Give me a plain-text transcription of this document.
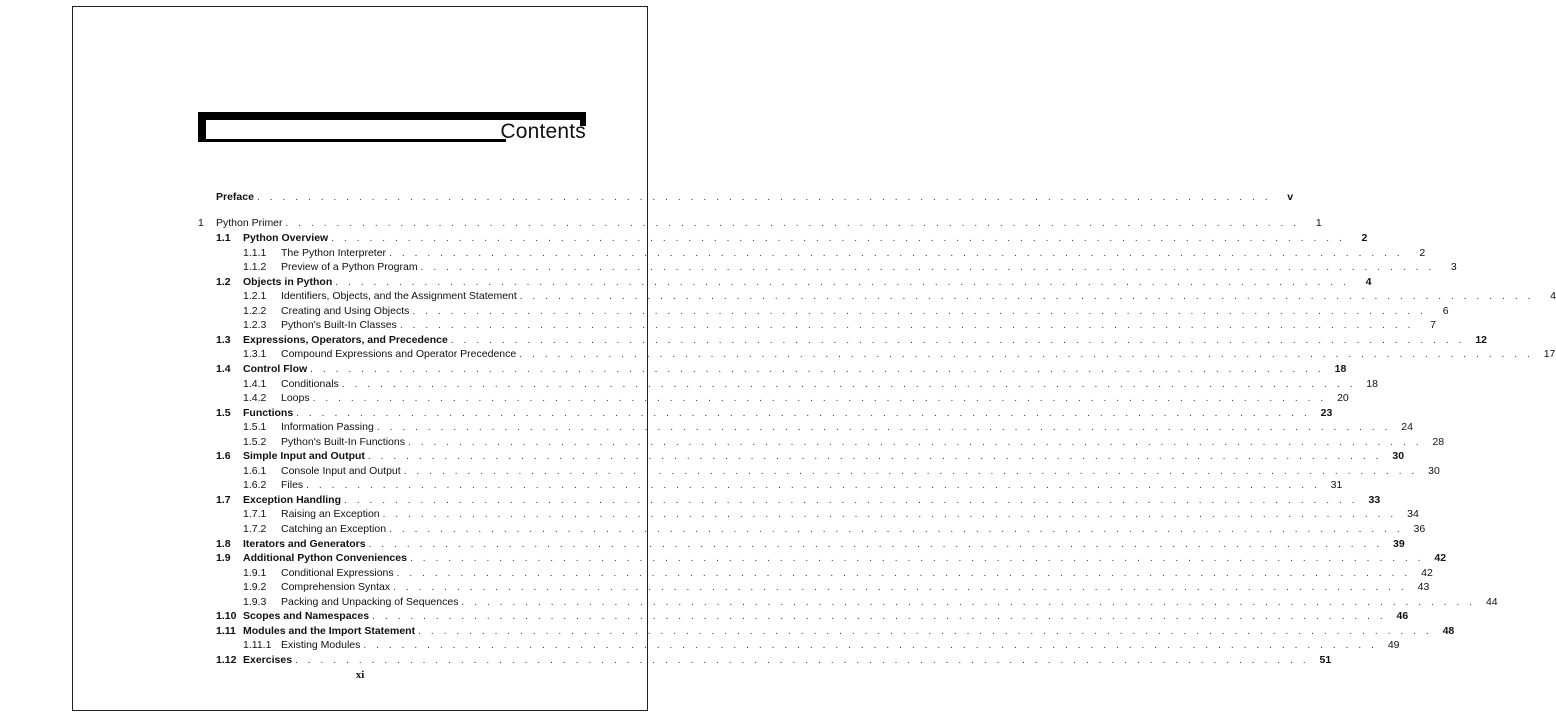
Contents
Preface . . . . . . . . . . . . . . . . . . . . . . . . . . . . . . . . . . . . . . . . . . . . . . . . . . . . . . . . . . . . . . . . . . . . . . . . . . . . . . . .	v
1 Python Primer . . . . . . . . . . . . . . . . . . . . . . . . . . . . . . . . . . . . . . . . . . . . . . . . . . . . . . . . . . . . . . . . . . . . . . . . . . . . . . . .	1
1.1 Python Overview . . . . . . . . . . . . . . . . . . . . . . . . . . . . . . . . . . . . . . . . . . . . . . . . . . . . . . . . . . . . . . . . . . . . . . . . . . . . . . . .	2
1.1.1 The Python Interpreter . . . . . . . . . . . . . . . . . . . . . . . . . . . . . . . . . . . . . . . . . . . . . . . . . . . . . . . . . . . . . . . . . . . . . . . . . . . . . . . .	2
1.1.2 Preview of a Python Program . . . . . . . . . . . . . . . . . . . . . . . . . . . . . . . . . . . . . . . . . . . . . . . . . . . . . . . . . . . . . . . . . . . . . . . . . . . . . . . .	3
1.2 Objects in Python . . . . . . . . . . . . . . . . . . . . . . . . . . . . . . . . . . . . . . . . . . . . . . . . . . . . . . . . . . . . . . . . . . . . . . . . . . . . . . . .	4
1.2.1 Identifiers, Objects, and the Assignment Statement . . . . . . . . . . . . . . . . . . . . . . . . . . . . . . . . . . . . . . . . . . . . . . . . . . . . . . . . . . . . . . . . . . . . . . . . . . . . . . . .	4
1.2.2 Creating and Using Objects . . . . . . . . . . . . . . . . . . . . . . . . . . . . . . . . . . . . . . . . . . . . . . . . . . . . . . . . . . . . . . . . . . . . . . . . . . . . . . . .	6
1.2.3 Python's Built-In Classes . . . . . . . . . . . . . . . . . . . . . . . . . . . . . . . . . . . . . . . . . . . . . . . . . . . . . . . . . . . . . . . . . . . . . . . . . . . . . . . .	7
1.3 Expressions, Operators, and Precedence . . . . . . . . . . . . . . . . . . . . . . . . . . . . . . . . . . . . . . . . . . . . . . . . . . . . . . . . . . . . . . . . . . . . . . . . . . . . . . . . 12
1.3.1 Compound Expressions and Operator Precedence . . . . . . . . . . . . . . . . . . . . . . . . . . . . . . . . . . . . . . . . . . . . . . . . . . . . . . . . . . . . . . . . . . . . . . . . . . . . . . . . 17
1.4 Control Flow . . . . . . . . . . . . . . . . . . . . . . . . . . . . . . . . . . . . . . . . . . . . . . . . . . . . . . . . . . . . . . . . . . . . . . . . . . . . . . . . 18
1.4.1 Conditionals . . . . . . . . . . . . . . . . . . . . . . . . . . . . . . . . . . . . . . . . . . . . . . . . . . . . . . . . . . . . . . . . . . . . . . . . . . . . . . . . 18
1.4.2 Loops . . . . . . . . . . . . . . . . . . . . . . . . . . . . . . . . . . . . . . . . . . . . . . . . . . . . . . . . . . . . . . . . . . . . . . . . . . . . . . . . 20
1.5 Functions . . . . . . . . . . . . . . . . . . . . . . . . . . . . . . . . . . . . . . . . . . . . . . . . . . . . . . . . . . . . . . . . . . . . . . . . . . . . . . . . 23
1.5.1 Information Passing . . . . . . . . . . . . . . . . . . . . . . . . . . . . . . . . . . . . . . . . . . . . . . . . . . . . . . . . . . . . . . . . . . . . . . . . . . . . . . . . 24
1.5.2 Python's Built-In Functions . . . . . . . . . . . . . . . . . . . . . . . . . . . . . . . . . . . . . . . . . . . . . . . . . . . . . . . . . . . . . . . . . . . . . . . . . . . . . . . . 28
1.6 Simple Input and Output . . . . . . . . . . . . . . . . . . . . . . . . . . . . . . . . . . . . . . . . . . . . . . . . . . . . . . . . . . . . . . . . . . . . . . . . . . . . . . . . 30
1.6.1 Console Input and Output . . . . . . . . . . . . . . . . . . . . . . . . . . . . . . . . . . . . . . . . . . . . . . . . . . . . . . . . . . . . . . . . . . . . . . . . . . . . . . . . 30
1.6.2 Files . . . . . . . . . . . . . . . . . . . . . . . . . . . . . . . . . . . . . . . . . . . . . . . . . . . . . . . . . . . . . . . . . . . . . . . . . . . . . . . . 31
1.7 Exception Handling . . . . . . . . . . . . . . . . . . . . . . . . . . . . . . . . . . . . . . . . . . . . . . . . . . . . . . . . . . . . . . . . . . . . . . . . . . . . . . . . 33
1.7.1 Raising an Exception . . . . . . . . . . . . . . . . . . . . . . . . . . . . . . . . . . . . . . . . . . . . . . . . . . . . . . . . . . . . . . . . . . . . . . . . . . . . . . . . 34
1.7.2 Catching an Exception . . . . . . . . . . . . . . . . . . . . . . . . . . . . . . . . . . . . . . . . . . . . . . . . . . . . . . . . . . . . . . . . . . . . . . . . . . . . . . . . 36
1.8 Iterators and Generators . . . . . . . . . . . . . . . . . . . . . . . . . . . . . . . . . . . . . . . . . . . . . . . . . . . . . . . . . . . . . . . . . . . . . . . . . . . . . . . . 39
1.9 Additional Python Conveniences . . . . . . . . . . . . . . . . . . . . . . . . . . . . . . . . . . . . . . . . . . . . . . . . . . . . . . . . . . . . . . . . . . . . . . . . . . . . . . . . 42
1.9.1 Conditional Expressions . . . . . . . . . . . . . . . . . . . . . . . . . . . . . . . . . . . . . . . . . . . . . . . . . . . . . . . . . . . . . . . . . . . . . . . . . . . . . . . . 42
1.9.2 Comprehension Syntax . . . . . . . . . . . . . . . . . . . . . . . . . . . . . . . . . . . . . . . . . . . . . . . . . . . . . . . . . . . . . . . . . . . . . . . . . . . . . . . . 43
1.9.3 Packing and Unpacking of Sequences . . . . . . . . . . . . . . . . . . . . . . . . . . . . . . . . . . . . . . . . . . . . . . . . . . . . . . . . . . . . . . . . . . . . . . . . . . . . . . . . 44
1.10 Scopes and Namespaces . . . . . . . . . . . . . . . . . . . . . . . . . . . . . . . . . . . . . . . . . . . . . . . . . . . . . . . . . . . . . . . . . . . . . . . . . . . . . . . . 46
1.11 Modules and the Import Statement . . . . . . . . . . . . . . . . . . . . . . . . . . . . . . . . . . . . . . . . . . . . . . . . . . . . . . . . . . . . . . . . . . . . . . . . . . . . . . . . 48
1.11.1 Existing Modules . . . . . . . . . . . . . . . . . . . . . . . . . . . . . . . . . . . . . . . . . . . . . . . . . . . . . . . . . . . . . . . . . . . . . . . . . . . . . . . . 49
1.12 Exercises . . . . . . . . . . . . . . . . . . . . . . . . . . . . . . . . . . . . . . . . . . . . . . . . . . . . . . . . . . . . . . . . . . . . . . . . . . . . . . . . 51
xi
